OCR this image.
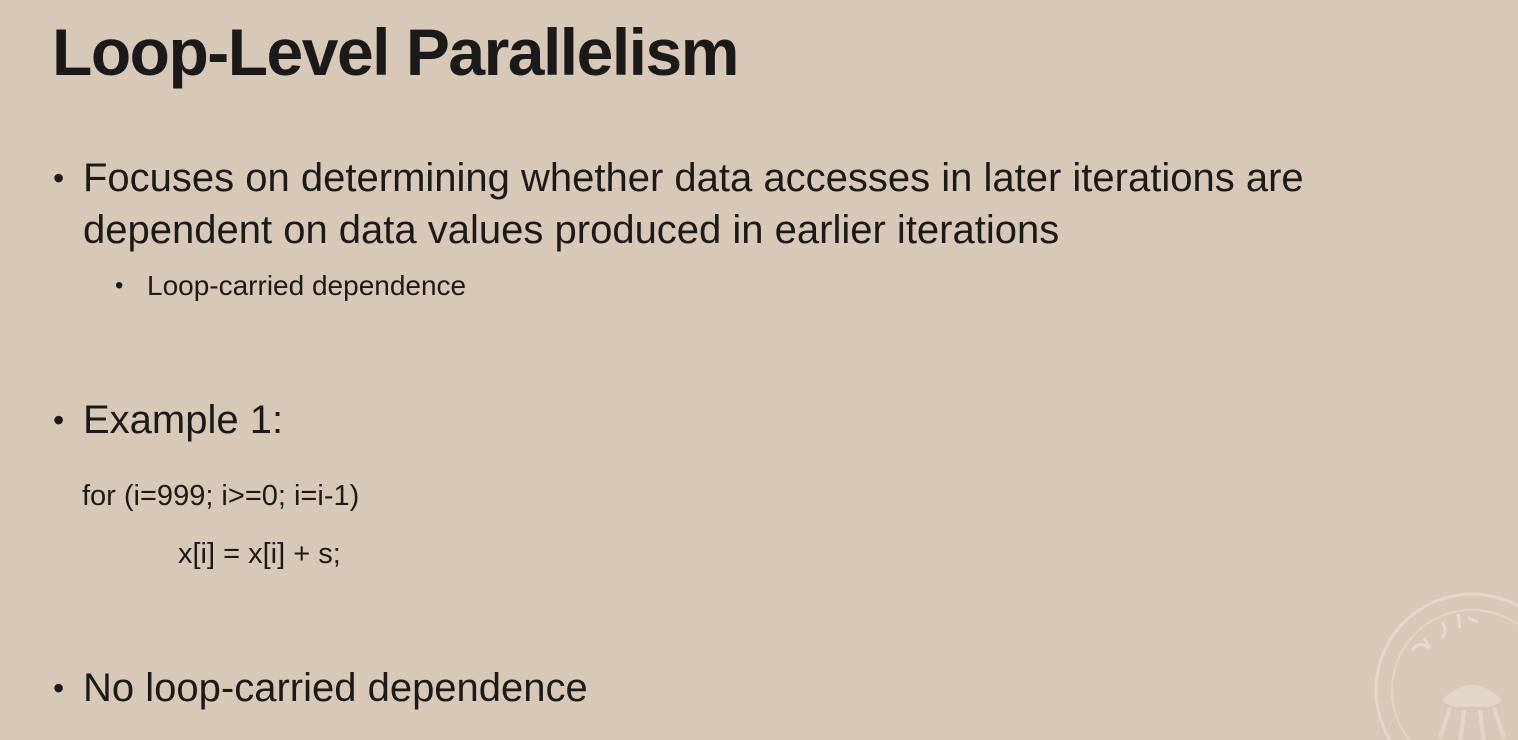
Loop-Level Parallelism
• Focuses on determining whether data accesses in later iterations are dependent on data values produced in earlier iterations
• Loop-carried dependence
• Example 1:
for (i=999; i>=0; i=i-1)
x[i] = x[i] + s;
• No loop-carried dependence
